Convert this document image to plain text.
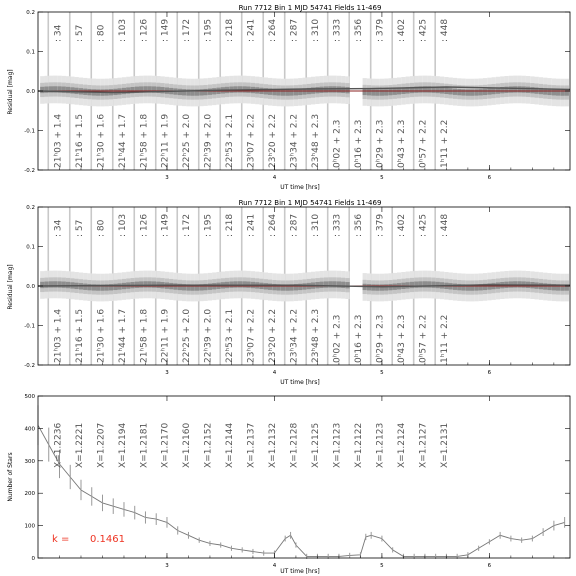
Run 7712 Bin 1 MJD 54741 Fields 11-469
: 34 : 57 : 80 : 103 : 126 : 149 : 172 : 195 : 218 : 241 : 264 : 287 : 310 : 333 : 356 : 379 : 402 : 425 : 448
21ʰ03 + 1.4 21ʰ16 + 1.5 21ʰ30 + 1.6 21ʰ44 + 1.7 21ʰ58 + 1.8 22ʰ11 + 1.9 22ʰ25 + 2.0 22ʰ39 + 2.0 22ʰ53 + 2.1 23ʰ07 + 2.2 23ʰ20 + 2.2 23ʰ34 + 2.2 23ʰ48 + 2.3 0ʰ02 + 2.3 0ʰ16 + 2.3 0ʰ29 + 2.3 0ʰ43 + 2.3 0ʰ57 + 2.2 1ʰ11 + 2.2
-0.2
-0.1
0.0
0.1
0.2
3	4	5	6
Residual [mag]
UT time [hrs]
Run 7712 Bin 1 MJD 54741 Fields 11-469
: 34 : 57 : 80 : 103 : 126 : 149 : 172 : 195 : 218 : 241 : 264 : 287 : 310 : 333 : 356 : 379 : 402 : 425 : 448
21ʰ03 + 1.4 21ʰ16 + 1.5 21ʰ30 + 1.6 21ʰ44 + 1.7 21ʰ58 + 1.8 22ʰ11 + 1.9 22ʰ25 + 2.0 22ʰ39 + 2.0 22ʰ53 + 2.1 23ʰ07 + 2.2 23ʰ20 + 2.2 23ʰ34 + 2.2 23ʰ48 + 2.3 0ʰ02 + 2.3 0ʰ16 + 2.3 0ʰ29 + 2.3 0ʰ43 + 2.3 0ʰ57 + 2.2 1ʰ11 + 2.2
-0.2
-0.1
0.0
0.1
0.2
3	4	5	6
Residual [mag]
UT time [hrs]
X=1.2236 X=1.2221 X=1.2207 X=1.2194 X=1.2181 X=1.2170 X=1.2160 X=1.2152 X=1.2144 X=1.2137 X=1.2132 X=1.2128 X=1.2125 X=1.2123 X=1.2122 X=1.2123 X=1.2124 X=1.2127 X=1.2131
0
100
200
300
400
500
3	4	5	6
Number of Stars
UT time [hrs]
k = 0.1461
